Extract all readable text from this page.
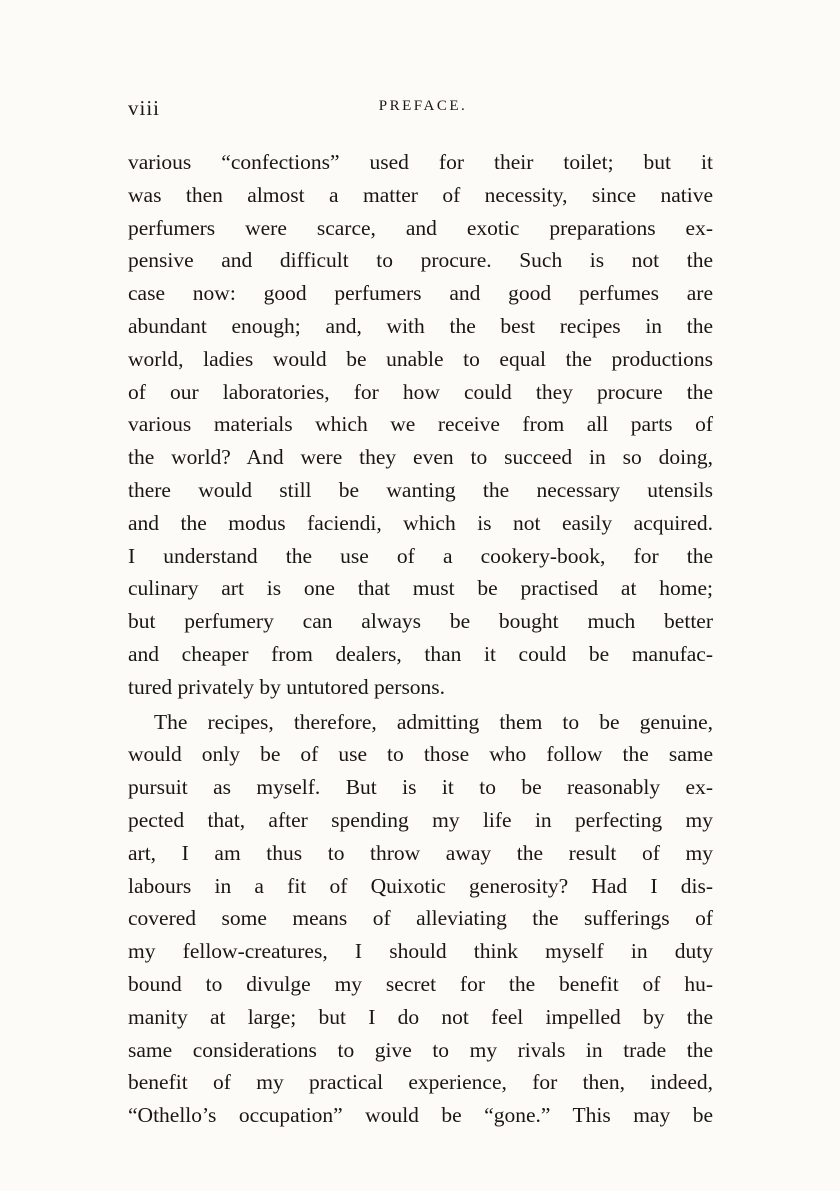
viii	PREFACE.
various “confections” used for their toilet; but it
was then almost a matter of necessity, since native
perfumers were scarce, and exotic preparations ex-
pensive and difficult to procure. Such is not the
case now: good perfumers and good perfumes are
abundant enough; and, with the best recipes in the
world, ladies would be unable to equal the productions
of our laboratories, for how could they procure the
various materials which we receive from all parts of
the world? And were they even to succeed in so doing,
there would still be wanting the necessary utensils
and the modus faciendi, which is not easily acquired.
I understand the use of a cookery-book, for the
culinary art is one that must be practised at home;
but perfumery can always be bought much better
and cheaper from dealers, than it could be manufac-
tured privately by untutored persons.
The recipes, therefore, admitting them to be genuine,
would only be of use to those who follow the same
pursuit as myself. But is it to be reasonably ex-
pected that, after spending my life in perfecting my
art, I am thus to throw away the result of my
labours in a fit of Quixotic generosity? Had I dis-
covered some means of alleviating the sufferings of
my fellow-creatures, I should think myself in duty
bound to divulge my secret for the benefit of hu-
manity at large; but I do not feel impelled by the
same considerations to give to my rivals in trade the
benefit of my practical experience, for then, indeed,
“Othello’s occupation” would be “gone.” This may be
